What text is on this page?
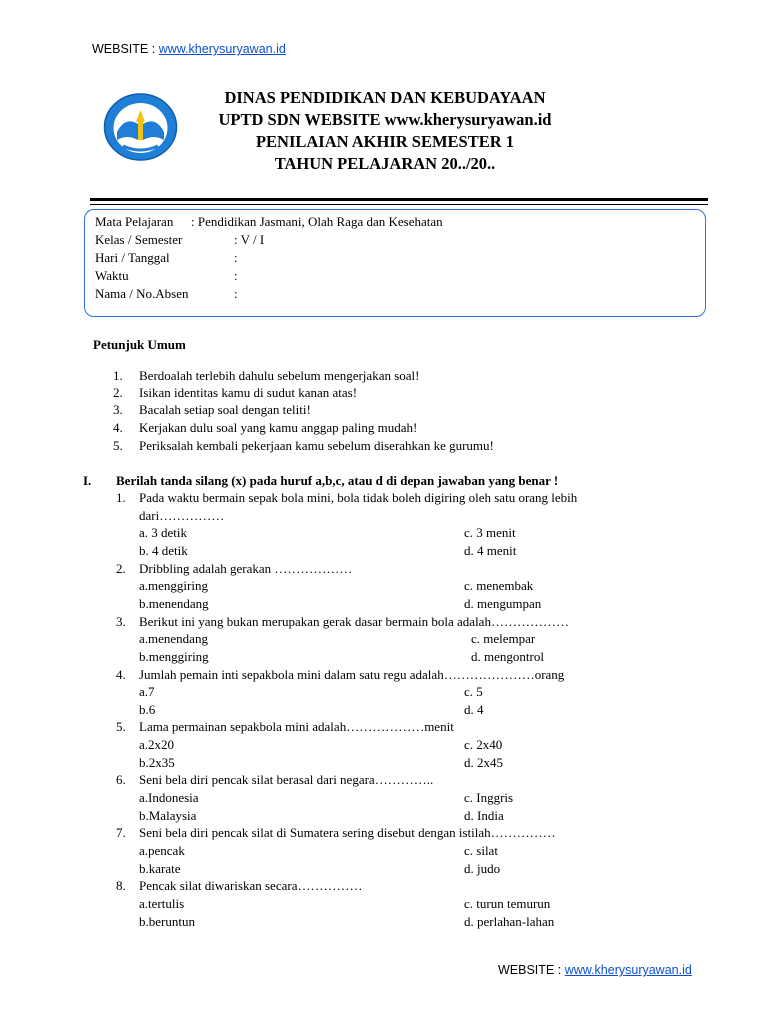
WEBSITE : www.kherysuryawan.id
DINAS PENDIDIKAN DAN KEBUDAYAAN
UPTD SDN WEBSITE www.kherysuryawan.id
PENILAIAN AKHIR SEMESTER 1
TAHUN PELAJARAN 20../20..
Mata Pelajaran	: Pendidikan Jasmani, Olah Raga dan Kesehatan
Kelas / Semester	: V / I
Hari / Tanggal	:
Waktu	:
Nama / No.Absen	:
Petunjuk Umum
1. Berdoalah terlebih dahulu sebelum mengerjakan soal!
2. Isikan identitas kamu di sudut kanan atas!
3. Bacalah setiap soal dengan teliti!
4. Kerjakan dulu soal yang kamu anggap paling mudah!
5. Periksalah kembali pekerjaan kamu sebelum diserahkan ke gurumu!
I. Berilah tanda silang (x) pada huruf a,b,c, atau d di depan jawaban yang benar !
1. Pada waktu bermain sepak bola mini, bola tidak boleh digiring oleh satu orang lebih
dari……………
a. 3 detik	c. 3 menit
b. 4 detik	d. 4 menit
2. Dribbling adalah gerakan ………………
a.menggiring	c. menembak
b.menendang	d. mengumpan
3. Berikut ini yang bukan merupakan gerak dasar bermain bola adalah………………
a.menendang	c. melempar
b.menggiring	d. mengontrol
4. Jumlah pemain inti sepakbola mini dalam satu regu adalah…………………orang
a.7	c. 5
b.6	d. 4
5. Lama permainan sepakbola mini adalah………………menit
a.2x20	c. 2x40
b.2x35	d. 2x45
6. Seni bela diri pencak silat berasal dari negara…………..
a.Indonesia	c. Inggris
b.Malaysia	d. India
7. Seni bela diri pencak silat di Sumatera sering disebut dengan istilah……………
a.pencak	c. silat
b.karate	d. judo
8. Pencak silat diwariskan secara……………
a.tertulis	c. turun temurun
b.beruntun	d. perlahan-lahan
WEBSITE : www.kherysuryawan.id
